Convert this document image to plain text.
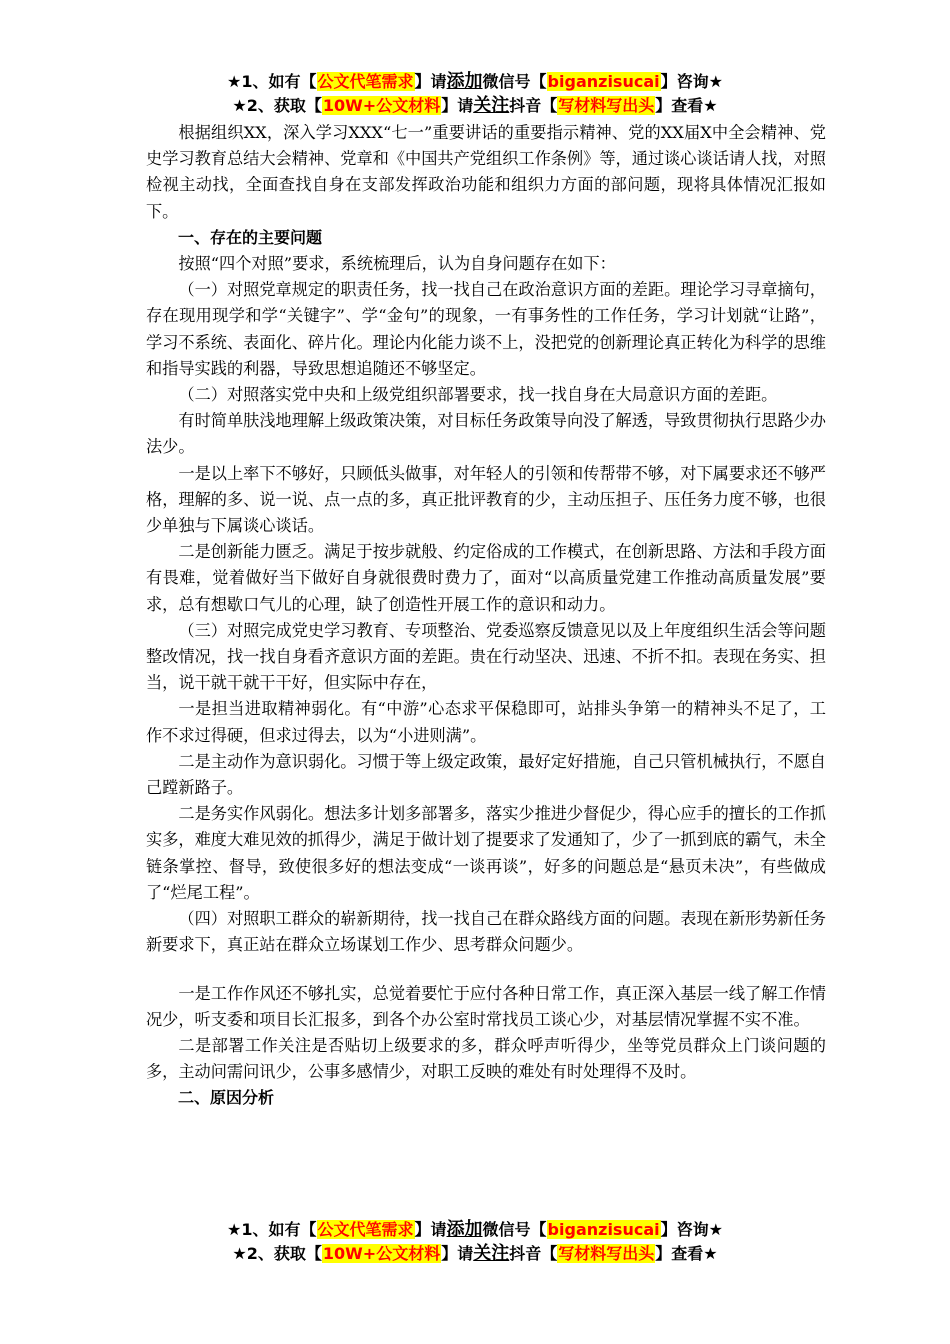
★1、如有【公文代笔需求】请添加微信号【biganzisucai】咨询★
★2、获取【10W+公文材料】请关注抖音【写材料写出头】查看★

根据组织XX，深入学习XXX“七一”重要讲话的重要指示精神、党的XX届X中全会精神、党史学习教育总结大会精神、党章和《中国共产党组织工作条例》等，通过谈心谈话请人找，对照检视主动找，全面查找自身在支部发挥政治功能和组织力方面的部问题，现将具体情况汇报如下。

一、存在的主要问题

按照“四个对照”要求，系统梳理后，认为自身问题存在如下：

（一）对照党章规定的职责任务，找一找自己在政治意识方面的差距。理论学习寻章摘句，存在现用现学和学“关键字”、学“金句”的现象，一有事务性的工作任务，学习计划就“让路”，学习不系统、表面化、碎片化。理论内化能力谈不上，没把党的创新理论真正转化为科学的思维和指导实践的利器，导致思想追随还不够坚定。

（二）对照落实党中央和上级党组织部署要求，找一找自身在大局意识方面的差距。

有时简单肤浅地理解上级政策决策，对目标任务政策导向没了解透，导致贯彻执行思路少办法少。

一是以上率下不够好，只顾低头做事，对年轻人的引领和传帮带不够，对下属要求还不够严格，理解的多、说一说、点一点的多，真正批评教育的少，主动压担子、压任务力度不够，也很少单独与下属谈心谈话。

二是创新能力匮乏。满足于按步就般、约定俗成的工作模式，在创新思路、方法和手段方面有畏难，觉着做好当下做好自身就很费时费力了，面对“以高质量党建工作推动高质量发展”要求，总有想歇口气儿的心理，缺了创造性开展工作的意识和动力。

（三）对照完成党史学习教育、专项整治、党委巡察反馈意见以及上年度组织生活会等问题整改情况，找一找自身看齐意识方面的差距。贵在行动坚决、迅速、不折不扣。表现在务实、担当，说干就干就干干好，但实际中存在，

一是担当进取精神弱化。有“中游”心态求平保稳即可，站排头争第一的精神头不足了，工作不求过得硬，但求过得去，以为“小进则满”。

二是主动作为意识弱化。习惯于等上级定政策，最好定好措施，自己只管机械执行，不愿自己蹚新路子。

二是务实作风弱化。想法多计划多部署多，落实少推进少督促少，得心应手的擅长的工作抓实多，难度大难见效的抓得少，满足于做计划了提要求了发通知了，少了一抓到底的霸气，未全链条掌控、督导，致使很多好的想法变成“一谈再谈”，好多的问题总是“悬页未决”，有些做成了“烂尾工程”。

（四）对照职工群众的崭新期待，找一找自己在群众路线方面的问题。表现在新形势新任务新要求下，真正站在群众立场谋划工作少、思考群众问题少。

一是工作作风还不够扎实，总觉着要忙于应付各种日常工作，真正深入基层一线了解工作情况少，听支委和项目长汇报多，到各个办公室时常找员工谈心少，对基层情况掌握不实不准。

二是部署工作关注是否贴切上级要求的多，群众呼声听得少，坐等党员群众上门谈问题的多，主动问需问讯少，公事多感情少，对职工反映的难处有时处理得不及时。

二、原因分析

★1、如有【公文代笔需求】请添加微信号【biganzisucai】咨询★
★2、获取【10W+公文材料】请关注抖音【写材料写出头】查看★
